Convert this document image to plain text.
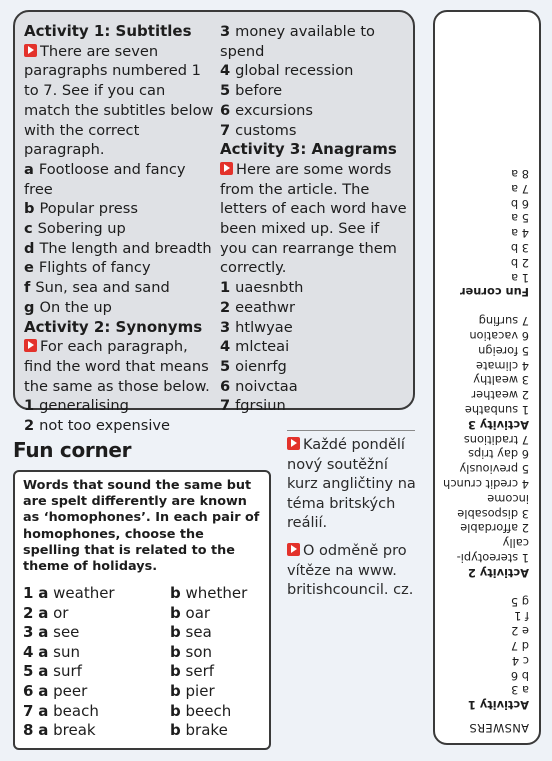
Activity 1: Subtitles
There are seven paragraphs numbered 1 to 7. See if you can match the subtitles below with the correct paragraph.
a Footloose and fancy free
b Popular press
c Sobering up
d The length and breadth
e Flights of fancy
f Sun, sea and sand
g On the up
Activity 2: Synonyms
For each paragraph, find the word that means the same as those below.
1 generalising
2 not too expensive
3 money available to spend
4 global recession
5 before
6 excursions
7 customs
Activity 3: Anagrams
Here are some words from the article. The letters of each word have been mixed up. See if you can rearrange them correctly.
1 uaesnbth
2 eeathwr
3 htlwyae
4 mlcteai
5 oienrfg
6 noivctaa
7 fgrsiun
Fun corner
Words that sound the same but are spelt differently are known as ‘homophones’. In each pair of homophones, choose the spelling that is related to the theme of holidays.
1 a weather	b whether
2 a or	b oar
3 a see	b sea
4 a sun	b son
5 a surf	b serf
6 a peer	b pier
7 a beach	b beech
8 a break	b brake

Každé pondělí nový soutěžní kurz angličtiny na téma britských reálií.

O odměně pro vítěze na www. britishcouncil. cz.

ANSWERS
Activity 1
a 3
b 6
c 4
d 7
e 2
f 1
g 5
Activity 2
1 stereotypi-
cally
2 affordable
3 disposable
income
4 credit crunch
5 previously
6 day trips
7 traditions
Activity 3
1 sunbathe
2 weather
3 wealthy
4 climate
5 foreign
6 vacation
7 surfing
Fun corner
1 a
2 b
3 b
4 a
5 a
6 b
7 a
8 a
